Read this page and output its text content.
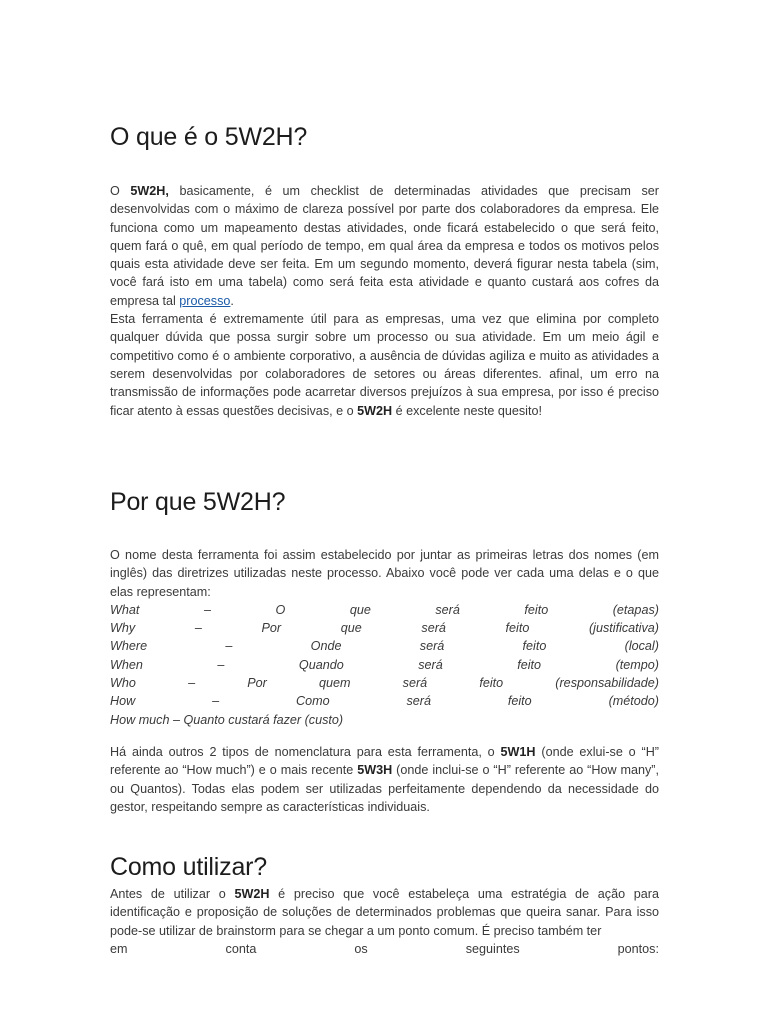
O que é o 5W2H?

O 5W2H, basicamente, é um checklist de determinadas atividades que precisam ser desenvolvidas com o máximo de clareza possível por parte dos colaboradores da empresa. Ele funciona como um mapeamento destas atividades, onde ficará estabelecido o que será feito, quem fará o quê, em qual período de tempo, em qual área da empresa e todos os motivos pelos quais esta atividade deve ser feita. Em um segundo momento, deverá figurar nesta tabela (sim, você fará isto em uma tabela) como será feita esta atividade e quanto custará aos cofres da empresa tal processo.
Esta ferramenta é extremamente útil para as empresas, uma vez que elimina por completo qualquer dúvida que possa surgir sobre um processo ou sua atividade. Em um meio ágil e competitivo como é o ambiente corporativo, a ausência de dúvidas agiliza e muito as atividades a serem desenvolvidas por colaboradores de setores ou áreas diferentes. afinal, um erro na transmissão de informações pode acarretar diversos prejuízos à sua empresa, por isso é preciso ficar atento à essas questões decisivas, e o 5W2H é excelente neste quesito!

Por que 5W2H?
O nome desta ferramenta foi assim estabelecido por juntar as primeiras letras dos nomes (em inglês) das diretrizes utilizadas neste processo. Abaixo você pode ver cada uma delas e o que elas representam:
What	–	O	que	será	feito	(etapas)
Why	–	Por	que	será	feito	(justificativa)
Where	–	Onde	será	feito	(local)
When	–	Quando	será	feito	(tempo)
Who	–	Por	quem	será	feito	(responsabilidade)
How	–	Como	será	feito	(método)
How much – Quanto custará fazer (custo)

Há ainda outros 2 tipos de nomenclatura para esta ferramenta, o 5W1H (onde exlui-se o “H” referente ao “How much”) e o mais recente 5W3H (onde inclui-se o “H” referente ao “How many”, ou Quantos). Todas elas podem ser utilizadas perfeitamente dependendo da necessidade do gestor, respeitando sempre as características individuais.

Como utilizar?
Antes de utilizar o 5W2H é preciso que você estabeleça uma estratégia de ação para identificação e proposição de soluções de determinados problemas que queira sanar. Para isso pode-se utilizar de brainstorm para se chegar a um ponto comum. É preciso também ter
em	conta	os	seguintes	pontos:
